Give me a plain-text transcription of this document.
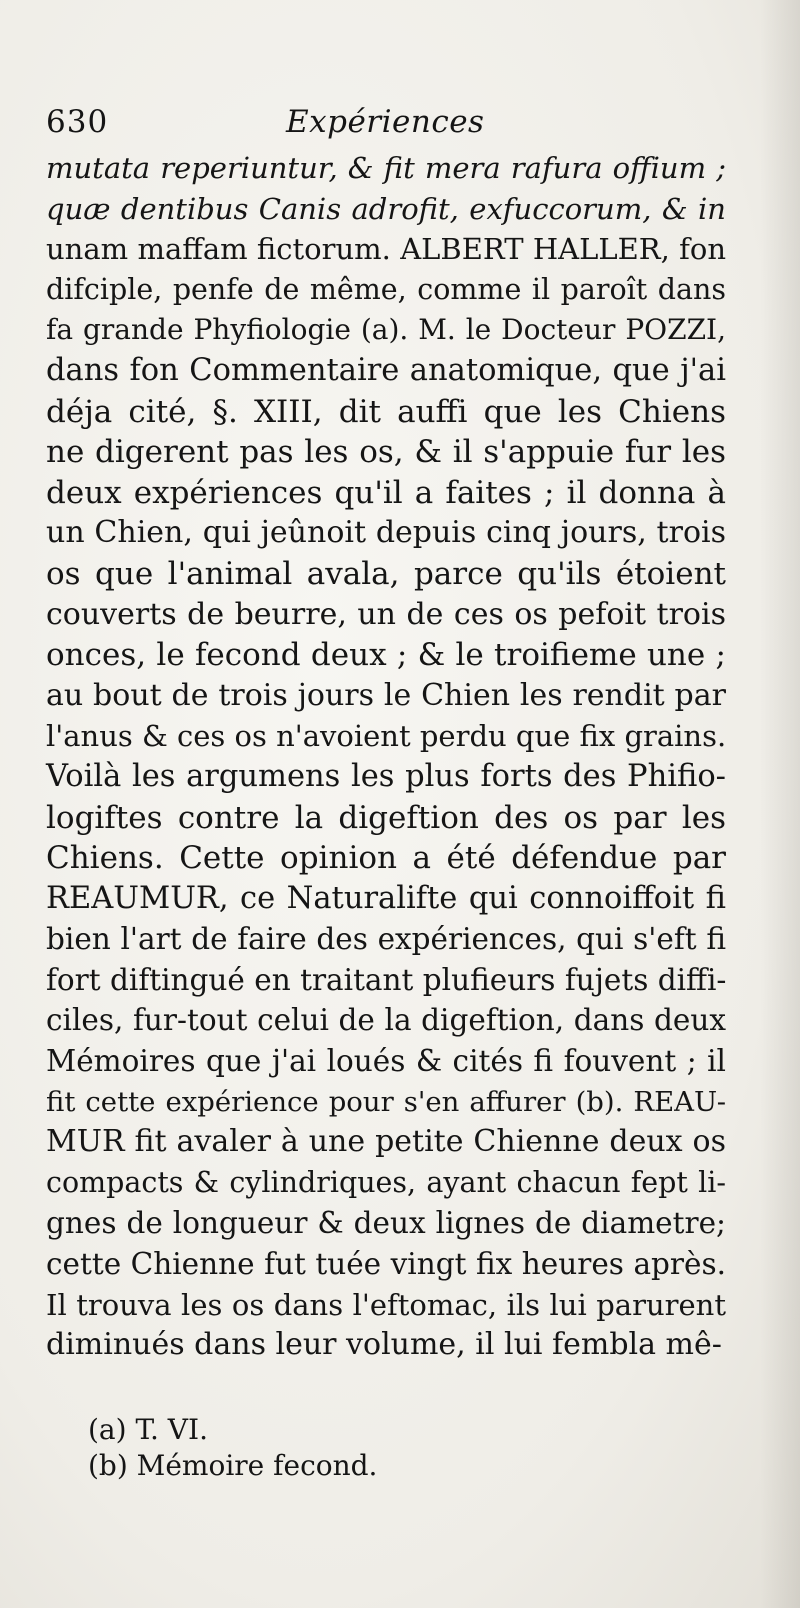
630	Expériences
mutata reperiuntur, & fit mera rafura offium ;
quæ dentibus Canis adrofit, exfuccorum, & in
unam maffam fictorum. ALBERT HALLER, fon
difciple, penfe de même, comme il paroît dans
fa grande Phyfiologie (a). M. le Docteur POZZI,
dans fon Commentaire anatomique, que j'ai
déja cité, §. XIII, dit auffi que les Chiens
ne digerent pas les os, & il s'appuie fur les
deux expériences qu'il a faites ; il donna à
un Chien, qui jeûnoit depuis cinq jours, trois
os que l'animal avala, parce qu'ils étoient
couverts de beurre, un de ces os pefoit trois
onces, le fecond deux ; & le troifieme une ;
au bout de trois jours le Chien les rendit par
l'anus & ces os n'avoient perdu que fix grains.
Voilà les argumens les plus forts des Phifio-
logiftes contre la digeftion des os par les
Chiens. Cette opinion a été défendue par
REAUMUR, ce Naturalifte qui connoiffoit fi
bien l'art de faire des expériences, qui s'eft fi
fort diftingué en traitant plufieurs fujets diffi-
ciles, fur-tout celui de la digeftion, dans deux
Mémoires que j'ai loués & cités fi fouvent ; il
fit cette expérience pour s'en affurer (b). REAU-
MUR fit avaler à une petite Chienne deux os
compacts & cylindriques, ayant chacun fept li-
gnes de longueur & deux lignes de diametre;
cette Chienne fut tuée vingt fix heures après.
Il trouva les os dans l'eftomac, ils lui parurent
diminués dans leur volume, il lui fembla mê-
(a) T. VI.
(b) Mémoire fecond.
